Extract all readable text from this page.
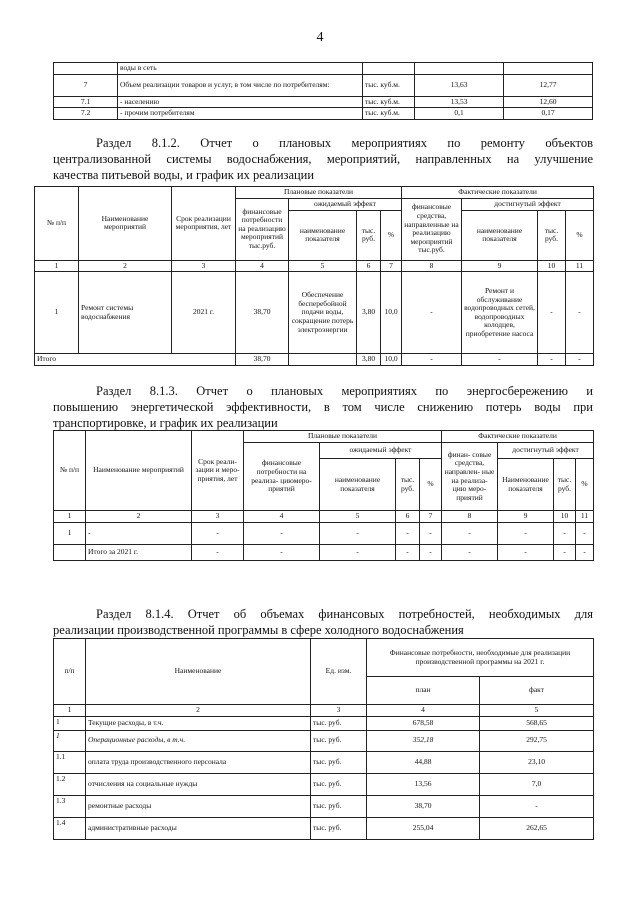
4
	воды в сеть			
7	Объем реализации товаров и услуг, в том числе по потребителям:	тыс. куб.м.	13,63	12,77
7.1	- населению	тыс. куб.м.	13,53	12,60
7.2	- прочим потребителям	тыс. куб.м.	0,1	0,17
Раздел 8.1.2. Отчет о плановых мероприятиях по ремонту объектов
централизованной системы водоснабжения, мероприятий, направленных на улучшение
качества питьевой воды, и график их реализации
№ п/п	Наименование мероприятий	Срок реализации мероприятия, лет	Плановые показатели				Фактические показатели			
			финансовые потребности на реализацию мероприятий тыс.руб.	ожидаемый эффект			финансовые средства, направленные на реализацию мероприятий тыс.руб.	достигнутый эффект		
				наименование показателя	тыс. руб.	%		наименование показателя	тыс. руб.	%
1	2	3	4	5	6	7	8	9	10	11
1	Ремонт системы водоснабжения	2021 г.	38,70	Обеспечение бесперебойной подачи воды, сокращение потерь электроэнергии	3,80	10,0	-	Ремонт и обслуживание водопроводных сетей, водопроводных колодцев, приобретение насоса	-	-
Итого			38,70		3,80	10,0	-	-	-	-
Раздел 8.1.3. Отчет о плановых мероприятиях по энергосбережению и
повышению энергетической эффективности, в том числе снижению потерь воды при
транспортировке, и график их реализации
№ п/п	Наименование мероприятий	Срок реали- зации и меро- приятия, лет	Плановые показатели				Фактические показатели			
			финансовые потребности на реализа- циюмеро- приятий	ожидаемый эффект			финан- совые средства, направлен- ные на реализа- цию меро- приятий	достигнутый эффект		
				наименование показателя	тыс. руб.	%		Наименование показателя	тыс. руб.	%
1	2	3	4	5	6	7	8	9	10	11
1	-	-	-	-	-	-	-	-	-	-
	Итого за 2021 г.	-	-	-	-	-	-	-	-	-
Раздел 8.1.4. Отчет об объемах финансовых потребностей, необходимых для
реализации производственной программы в сфере холодного водоснабжения
п/п	Наименование	Ед. изм.	Финансовые потребности, необходимые для реализации производственной программы на 2021 г.	
			план	факт
1	2	3	4	5
1	Текущие расходы, в т.ч.	тыс. руб.	678,58	568,65
1	Операционные расходы, в т.ч.	тыс. руб.	352,18	292,75
1.1	оплата труда производственного персонала	тыс. руб.	44,88	23,10
1.2	отчисления на социальные нужды	тыс. руб.	13,56	7,0
1.3	ремонтные расходы	тыс. руб.	38,70	-
1.4	административные расходы	тыс. руб.	255,04	262,65
